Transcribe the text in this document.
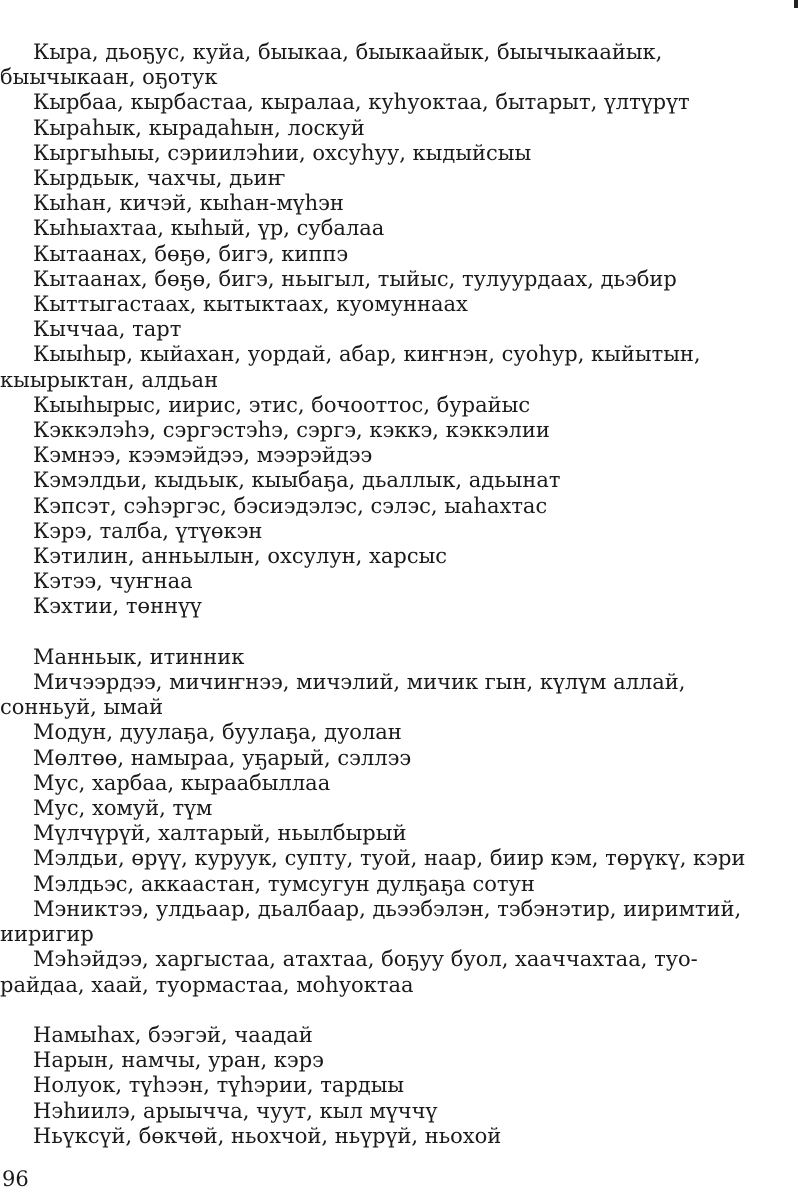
Кыра, дьоҕус, куйа, быыкаа, быыкаайык, быычыкаайык,
быычыкаан, оҕотук
Кырбаа, кырбастаа, кыралаа, куһуоктаа, бытарыт, үлтүрүт
Кыраһык, кырадаһын, лоскуй
Кыргыһыы, сэриилэһии, охсуһуу, кыдыйсыы
Кырдьык, чахчы, дьиҥ
Кыһан, кичэй, кыһан-мүһэн
Кыһыахтаа, кыһый, үр, субалаа
Кытаанах, бөҕө, бигэ, киппэ
Кытаанах, бөҕө, бигэ, ньыгыл, тыйыс, тулуурдаах, дьэбир
Кыттыгастаах, кытыктаах, куомуннаах
Кыччаа, тарт
Кыыһыр, кыйахан, уордай, абар, киҥнэн, суоһур, кыйытын,
кыырыктан, алдьан
Кыыһырыс, иирис, этис, бочооттос, бурайыс
Кэккэлэһэ, сэргэстэһэ, сэргэ, кэккэ, кэккэлии
Кэмнээ, кээмэйдээ, мээрэйдээ
Кэмэлдьи, кыдьык, кыыбаҕа, дьаллык, адьынат
Кэпсэт, сэһэргэс, бэсиэдэлэс, сэлэс, ыаһахтас
Кэрэ, талба, үтүөкэн
Кэтилин, анньылын, охсулун, харсыс
Кэтээ, чуҥнаа
Кэхтии, төннүү
Манньык, итинник
Мичээрдээ, мичиҥнээ, мичэлий, мичик гын, күлүм аллай,
сонньуй, ымай
Модун, дуулаҕа, буулаҕа, дуолан
Мөлтөө, намыраа, уҕарый, сэллээ
Мус, харбаа, кыраабыллаа
Мус, хомуй, түм
Мүлчүрүй, халтарый, ньылбырый
Мэлдьи, өрүү, куруук, супту, туой, наар, биир кэм, төрүкү, кэри
Мэлдьэс, аккаастан, тумсугун дулҕаҕа сотун
Мэниктээ, улдьаар, дьалбаар, дьээбэлэн, тэбэнэтир, ииримтий,
ииригир
Мэһэйдээ, харгыстаа, атахтаа, боҕуу буол, хааччахтаа, туо-
райдаа, хаай, туормастаа, моһуоктаа
Намыһах, бээгэй, чаадай
Нарын, намчы, уран, кэрэ
Нолуок, түһээн, түһэрии, тардыы
Нэһиилэ, арыычча, чуут, кыл мүччү
Ньүксүй, бөкчөй, ньохчой, ньүрүй, ньохой
96
